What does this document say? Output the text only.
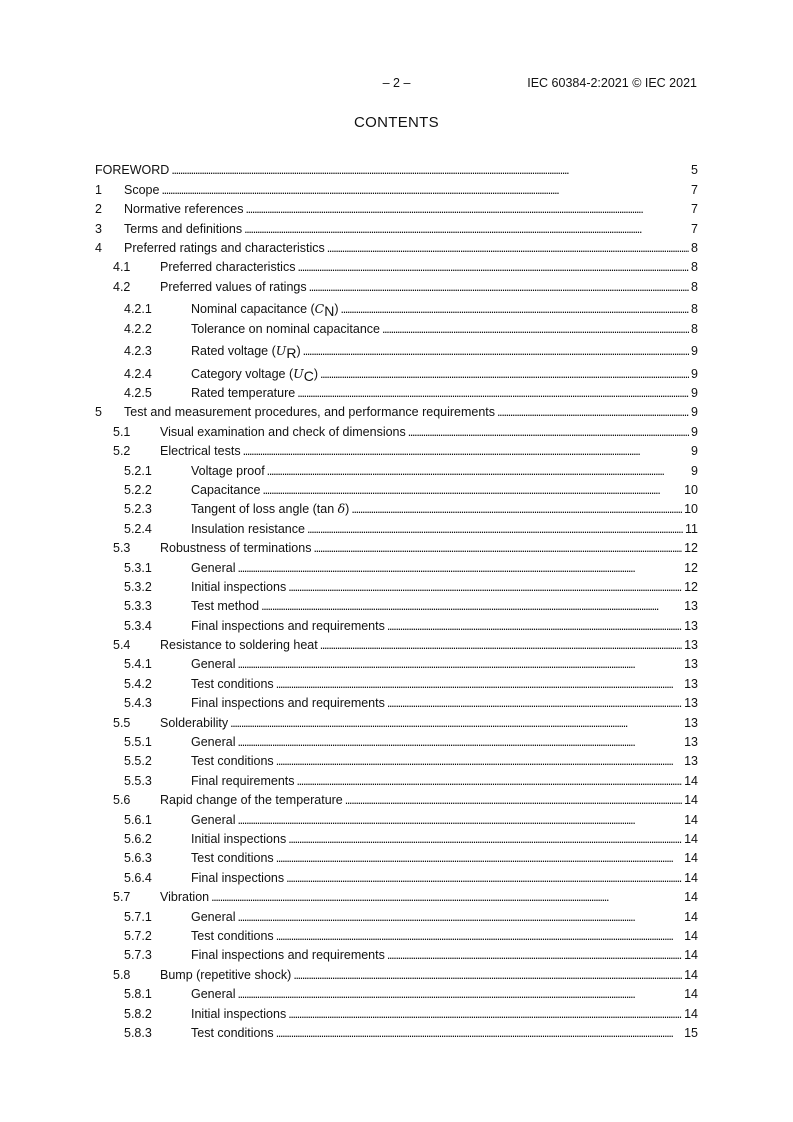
– 2 –	IEC 60384-2:2021 © IEC 2021
CONTENTS
FOREWORD . . .	5
1 Scope . . .	7
2 Normative references . . .	7
3 Terms and definitions . . .	7
4 Preferred ratings and characteristics . . .	8
4.1 Preferred characteristics . . .	8
4.2 Preferred values of ratings . . .	8
4.2.1	Nominal capacitance $(C_N)$ . . .	8
4.2.2	Tolerance on nominal capacitance . . .	8
4.2.3	Rated voltage $(U_R)$ . . .	9
4.2.4	Category voltage $(U_C)$ . . .	9
4.2.5	Rated temperature . . .	9
5 Test and measurement procedures, and performance requirements . . .	9
5.1 Visual examination and check of dimensions . . .	9
5.2 Electrical tests . . .	9
5.2.1	Voltage proof . . .	9
5.2.2	Capacitance . . .	10
5.2.3	Tangent of loss angle (tan δ) . . .	10
5.2.4	Insulation resistance . . .	11
5.3 Robustness of terminations . . .	12
5.3.1	General . . .	12
5.3.2	Initial inspections . . .	12
5.3.3	Test method . . .	13
5.3.4	Final inspections and requirements . . .	13
5.4 Resistance to soldering heat . . .	13
5.4.1	General . . .	13
5.4.2	Test conditions . . .	13
5.4.3	Final inspections and requirements . . .	13
5.5 Solderability . . .	13
5.5.1	General . . .	13
5.5.2	Test conditions . . .	13
5.5.3	Final requirements . . .	14
5.6 Rapid change of the temperature . . .	14
5.6.1	General . . .	14
5.6.2	Initial inspections . . .	14
5.6.3	Test conditions . . .	14
5.6.4	Final inspections . . .	14
5.7 Vibration . . .	14
5.7.1	General . . .	14
5.7.2	Test conditions . . .	14
5.7.3	Final inspections and requirements . . .	14
5.8 Bump (repetitive shock) . . .	14
5.8.1	General . . .	14
5.8.2	Initial inspections . . .	14
5.8.3	Test conditions . . .	15
